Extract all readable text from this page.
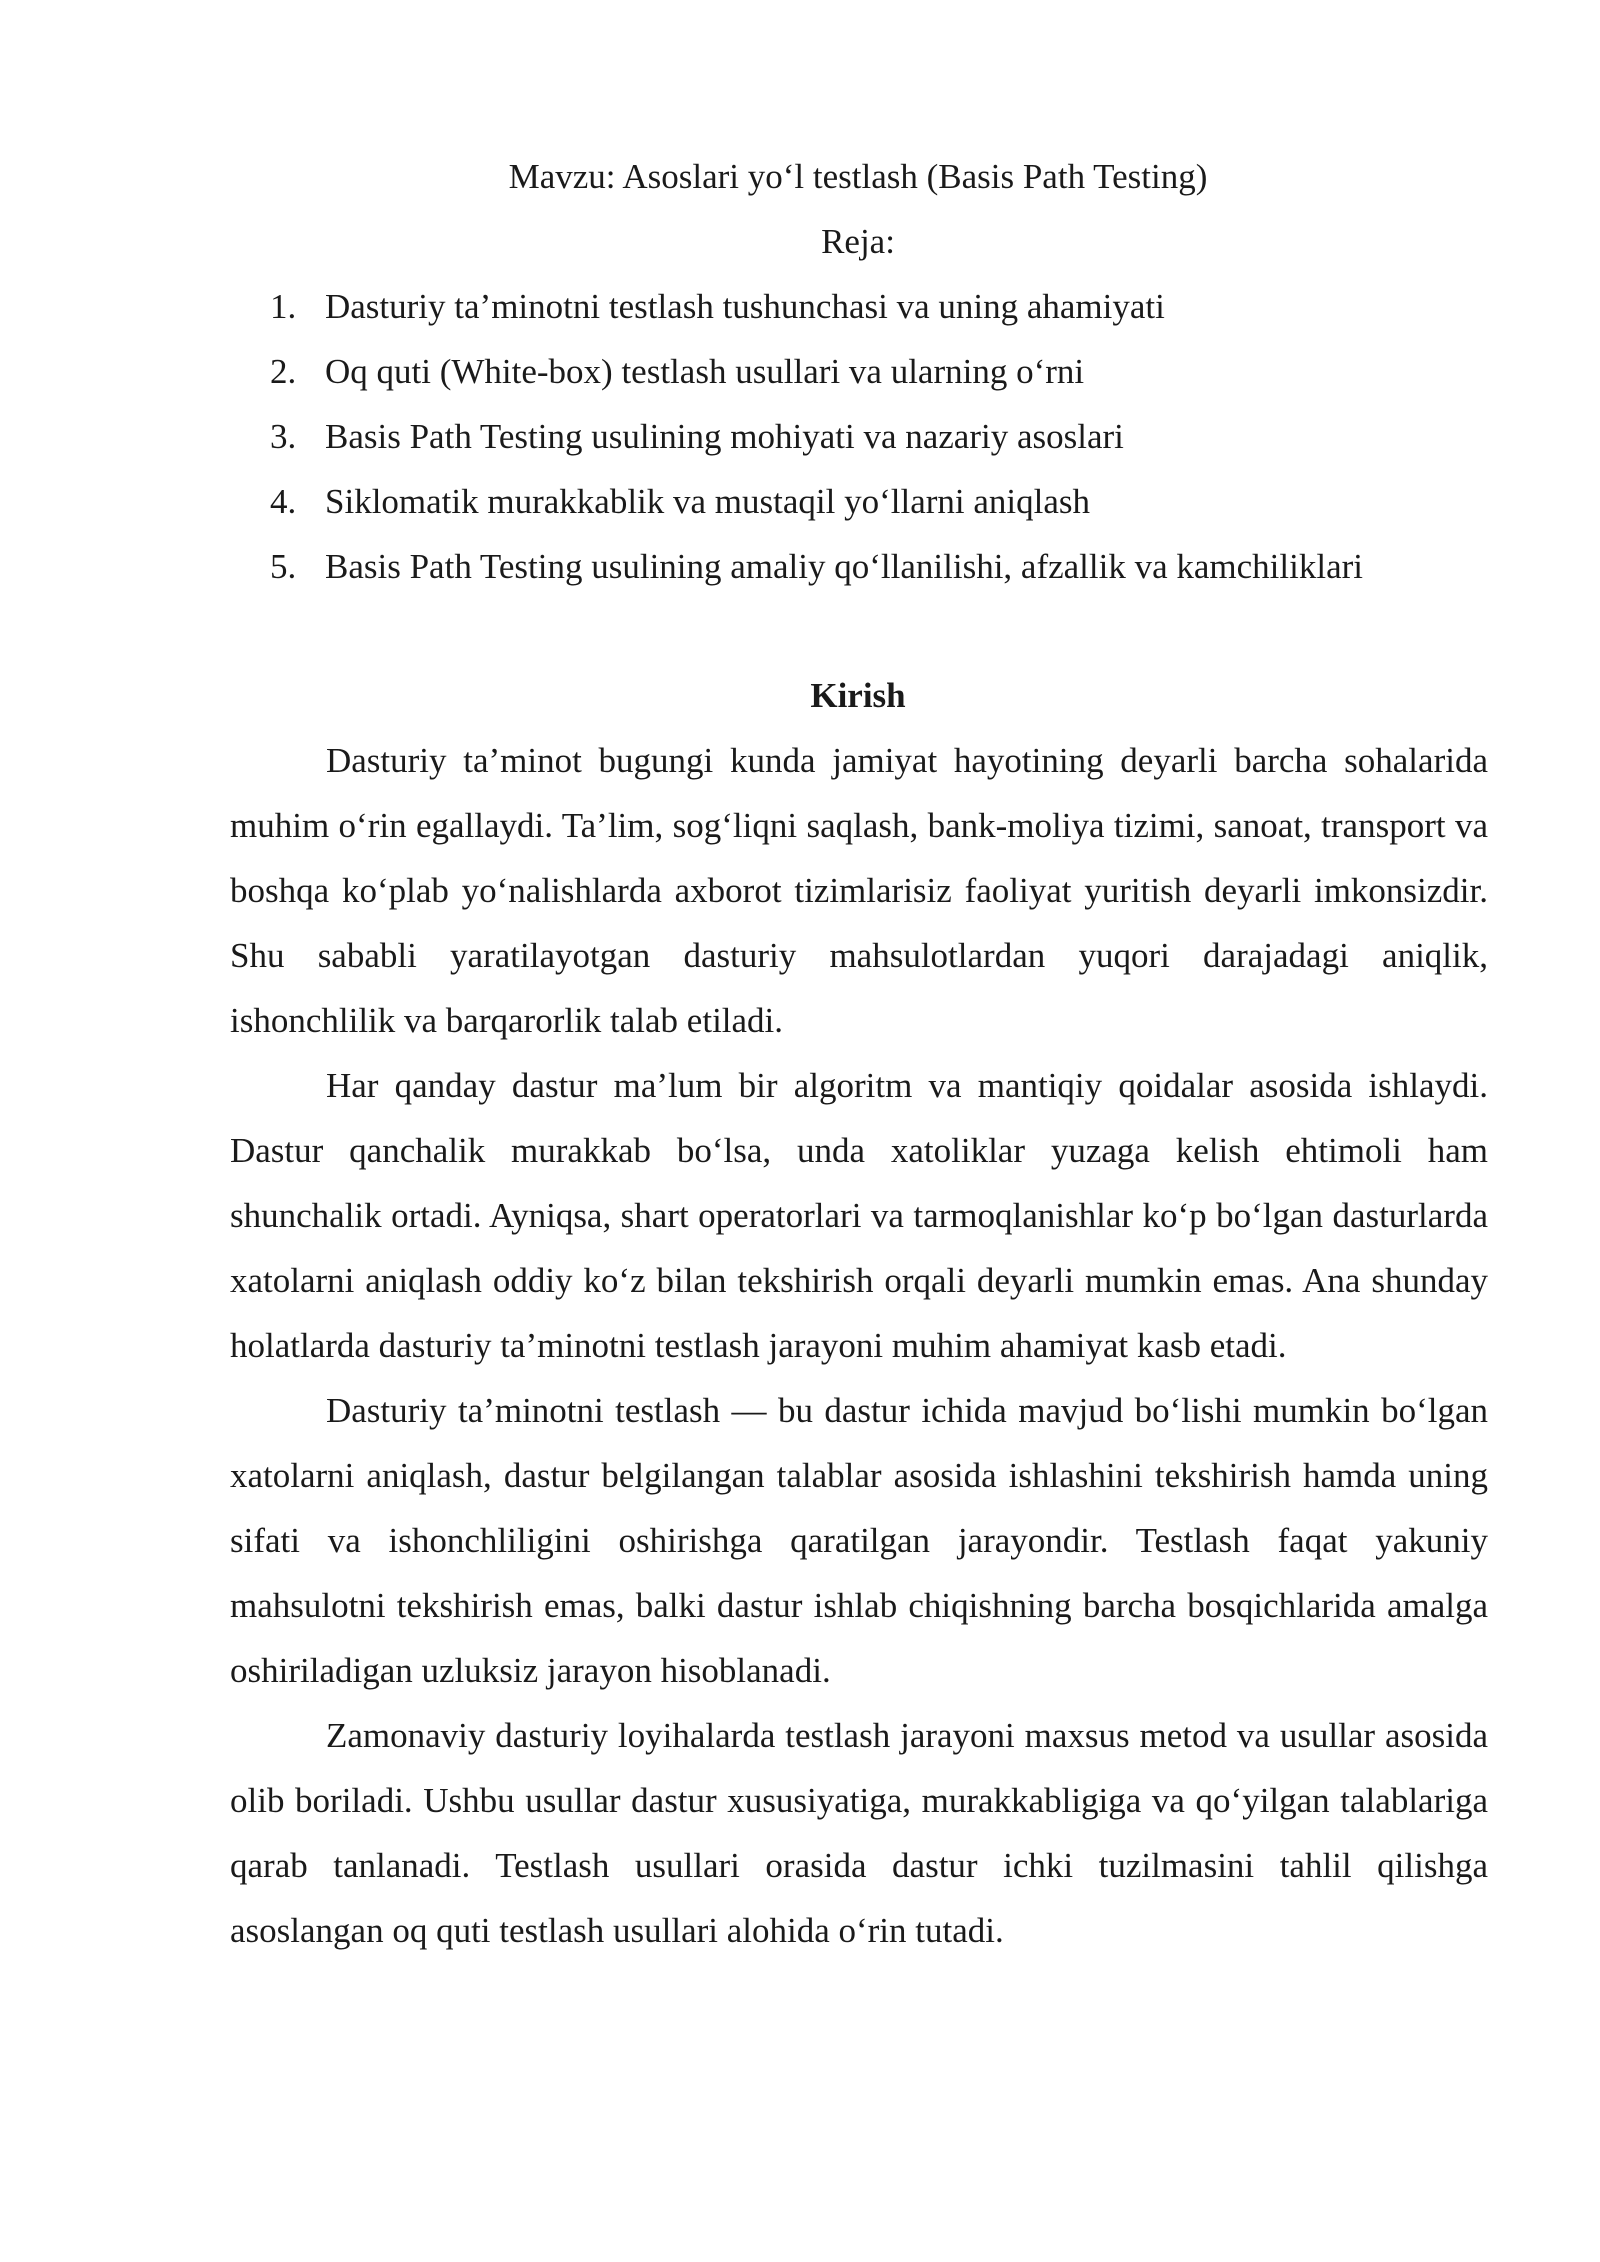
Mavzu: Asoslari yo‘l testlash (Basis Path Testing)
Reja:
1. Dasturiy ta’minotni testlash tushunchasi va uning ahamiyati
2. Oq quti (White-box) testlash usullari va ularning o‘rni
3. Basis Path Testing usulining mohiyati va nazariy asoslari
4. Siklomatik murakkablik va mustaqil yo‘llarni aniqlash
5. Basis Path Testing usulining amaliy qo‘llanilishi, afzallik va kamchiliklari
Kirish

Dasturiy ta’minot bugungi kunda jamiyat hayotining deyarli barcha sohalarida muhim o‘rin egallaydi. Ta’lim, sog‘liqni saqlash, bank-moliya tizimi, sanoat, transport va boshqa ko‘plab yo‘nalishlarda axborot tizimlarisiz faoliyat yuritish deyarli imkonsizdir. Shu sababli yaratilayotgan dasturiy mahsulotlardan yuqori darajadagi aniqlik, ishonchlilik va barqarorlik talab etiladi.

Har qanday dastur ma’lum bir algoritm va mantiqiy qoidalar asosida ishlaydi. Dastur qanchalik murakkab bo‘lsa, unda xatoliklar yuzaga kelish ehtimoli ham shunchalik ortadi. Ayniqsa, shart operatorlari va tarmoqlanishlar ko‘p bo‘lgan dasturlarda xatolarni aniqlash oddiy ko‘z bilan tekshirish orqali deyarli mumkin emas. Ana shunday holatlarda dasturiy ta’minotni testlash jarayoni muhim ahamiyat kasb etadi.

Dasturiy ta’minotni testlash — bu dastur ichida mavjud bo‘lishi mumkin bo‘lgan xatolarni aniqlash, dastur belgilangan talablar asosida ishlashini tekshirish hamda uning sifati va ishonchliligini oshirishga qaratilgan jarayondir. Testlash faqat yakuniy mahsulotni tekshirish emas, balki dastur ishlab chiqishning barcha bosqichlarida amalga oshiriladigan uzluksiz jarayon hisoblanadi.

Zamonaviy dasturiy loyihalarda testlash jarayoni maxsus metod va usullar asosida olib boriladi. Ushbu usullar dastur xususiyatiga, murakkabligiga va qo‘yilgan talablariga qarab tanlanadi. Testlash usullari orasida dastur ichki tuzilmasini tahlil qilishga asoslangan oq quti testlash usullari alohida o‘rin tutadi.
